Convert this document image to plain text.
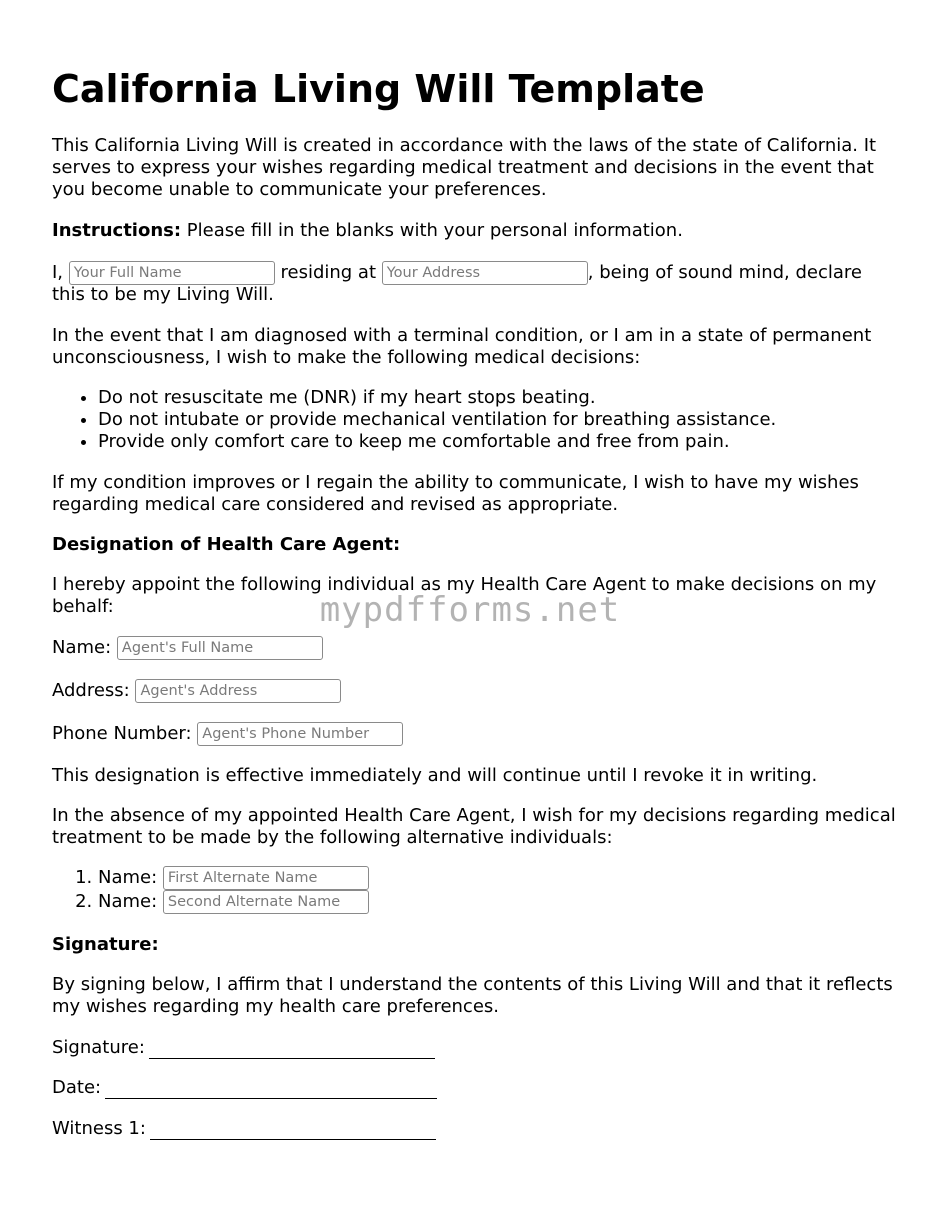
California Living Will Template

This California Living Will is created in accordance with the laws of the state of California. It serves to express your wishes regarding medical treatment and decisions in the event that you become unable to communicate your preferences.

Instructions: Please fill in the blanks with your personal information.

I, Your Full Name	residing at Your Address	, being of sound mind, declare

this to be my Living Will.

In the event that I am diagnosed with a terminal condition, or I am in a state of permanent unconsciousness, I wish to make the following medical decisions:

• Do not resuscitate me (DNR) if my heart stops beating.
• Do not intubate or provide mechanical ventilation for breathing assistance.
• Provide only comfort care to keep me comfortable and free from pain.

If my condition improves or I regain the ability to communicate, I wish to have my wishes regarding medical care considered and revised as appropriate.

Designation of Health Care Agent:

I hereby appoint the following individual as my Health Care Agent to make decisions on my behalf:

Name: Agent's Full Name

Address: Agent's Address

Phone Number: Agent's Phone Number

This designation is effective immediately and will continue until I revoke it in writing.

In the absence of my appointed Health Care Agent, I wish for my decisions regarding medical treatment to be made by the following alternative individuals:

1. Name: First Alternate Name
2. Name: Second Alternate Name

Signature:

By signing below, I affirm that I understand the contents of this Living Will and that it reflects my wishes regarding my health care preferences.

Signature:

Date:

Witness 1:

mypdfforms.net
